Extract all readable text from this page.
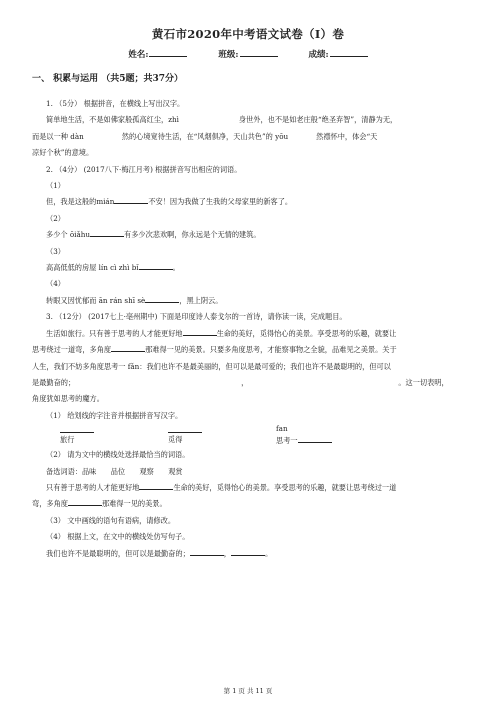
黄石市2020年中考语文试卷（I）卷
姓名:	班级:	成绩:
一、 积累与运用 （共5题；共37分）

1. （5分） 根据拼音，在横线上写出汉字。

简单地生活，不是如佛家般孤高红尘，zhì	身世外，也不是如老庄般“绝圣弃智”，清静为无，

而是以一种 dàn	然的心境宽待生活，在“风烟俱净，天山共色”的 yōu	然襟怀中，体会“天

凉好个秋”的意境。

2. （4分） (2017八下·梅江月考) 根据拼音写出相应的词语。

（1）

但，我是这般的mián	不安！因为我做了生我的父母家里的新客了。

（2）

多少个 ōiǎhu	有多少次悲欢啊，你永远是个无情的建筑。

（3）

高高低低的房屋 lín cì zhì bǐ	。

（4）

转眼又因忧郁而 ān rán shī sè	，黑上阴云。

3. （12分） (2017七上·亳州期中) 下面是印度诗人泰戈尔的一首诗，请你读一读，完成题目。

生活如旅行。只有善于思考的人才能更好地	生命的美好，觅得怡心的美景。享受思考的乐趣，就要让

思考绕过一道弯，多角度	那难得一见的美景。只要多角度思考，才能察事物之全貌，品难见之美景。关于

人生，我们不妨多角度思考一 fǎn：我们也许不是最美丽的，但可以是最可爱的；我们也许不是最聪明的，但可以

是最勤奋的；	，	。这一切表明，

角度犹如思考的魔方。

（1） 给划线的字注音并根据拼音写汉字。

fan
旅行	觅得	思考一

（2） 请为文中的横线处选择最恰当的词语。

备选词语：品味　　品位　　观察　　观赏

只有善于思考的人才能更好地	生命的美好，觅得怡心的美景。享受思考的乐趣，就要让思考绕过一道

弯，多角度	那难得一见的美景。

（3） 文中画线的语句有语病，请修改。

（4） 根据上文，在文中的横线处仿写句子。

我们也许不是最聪明的，但可以是最勤奋的；	，	。

第 1 页 共 11 页
